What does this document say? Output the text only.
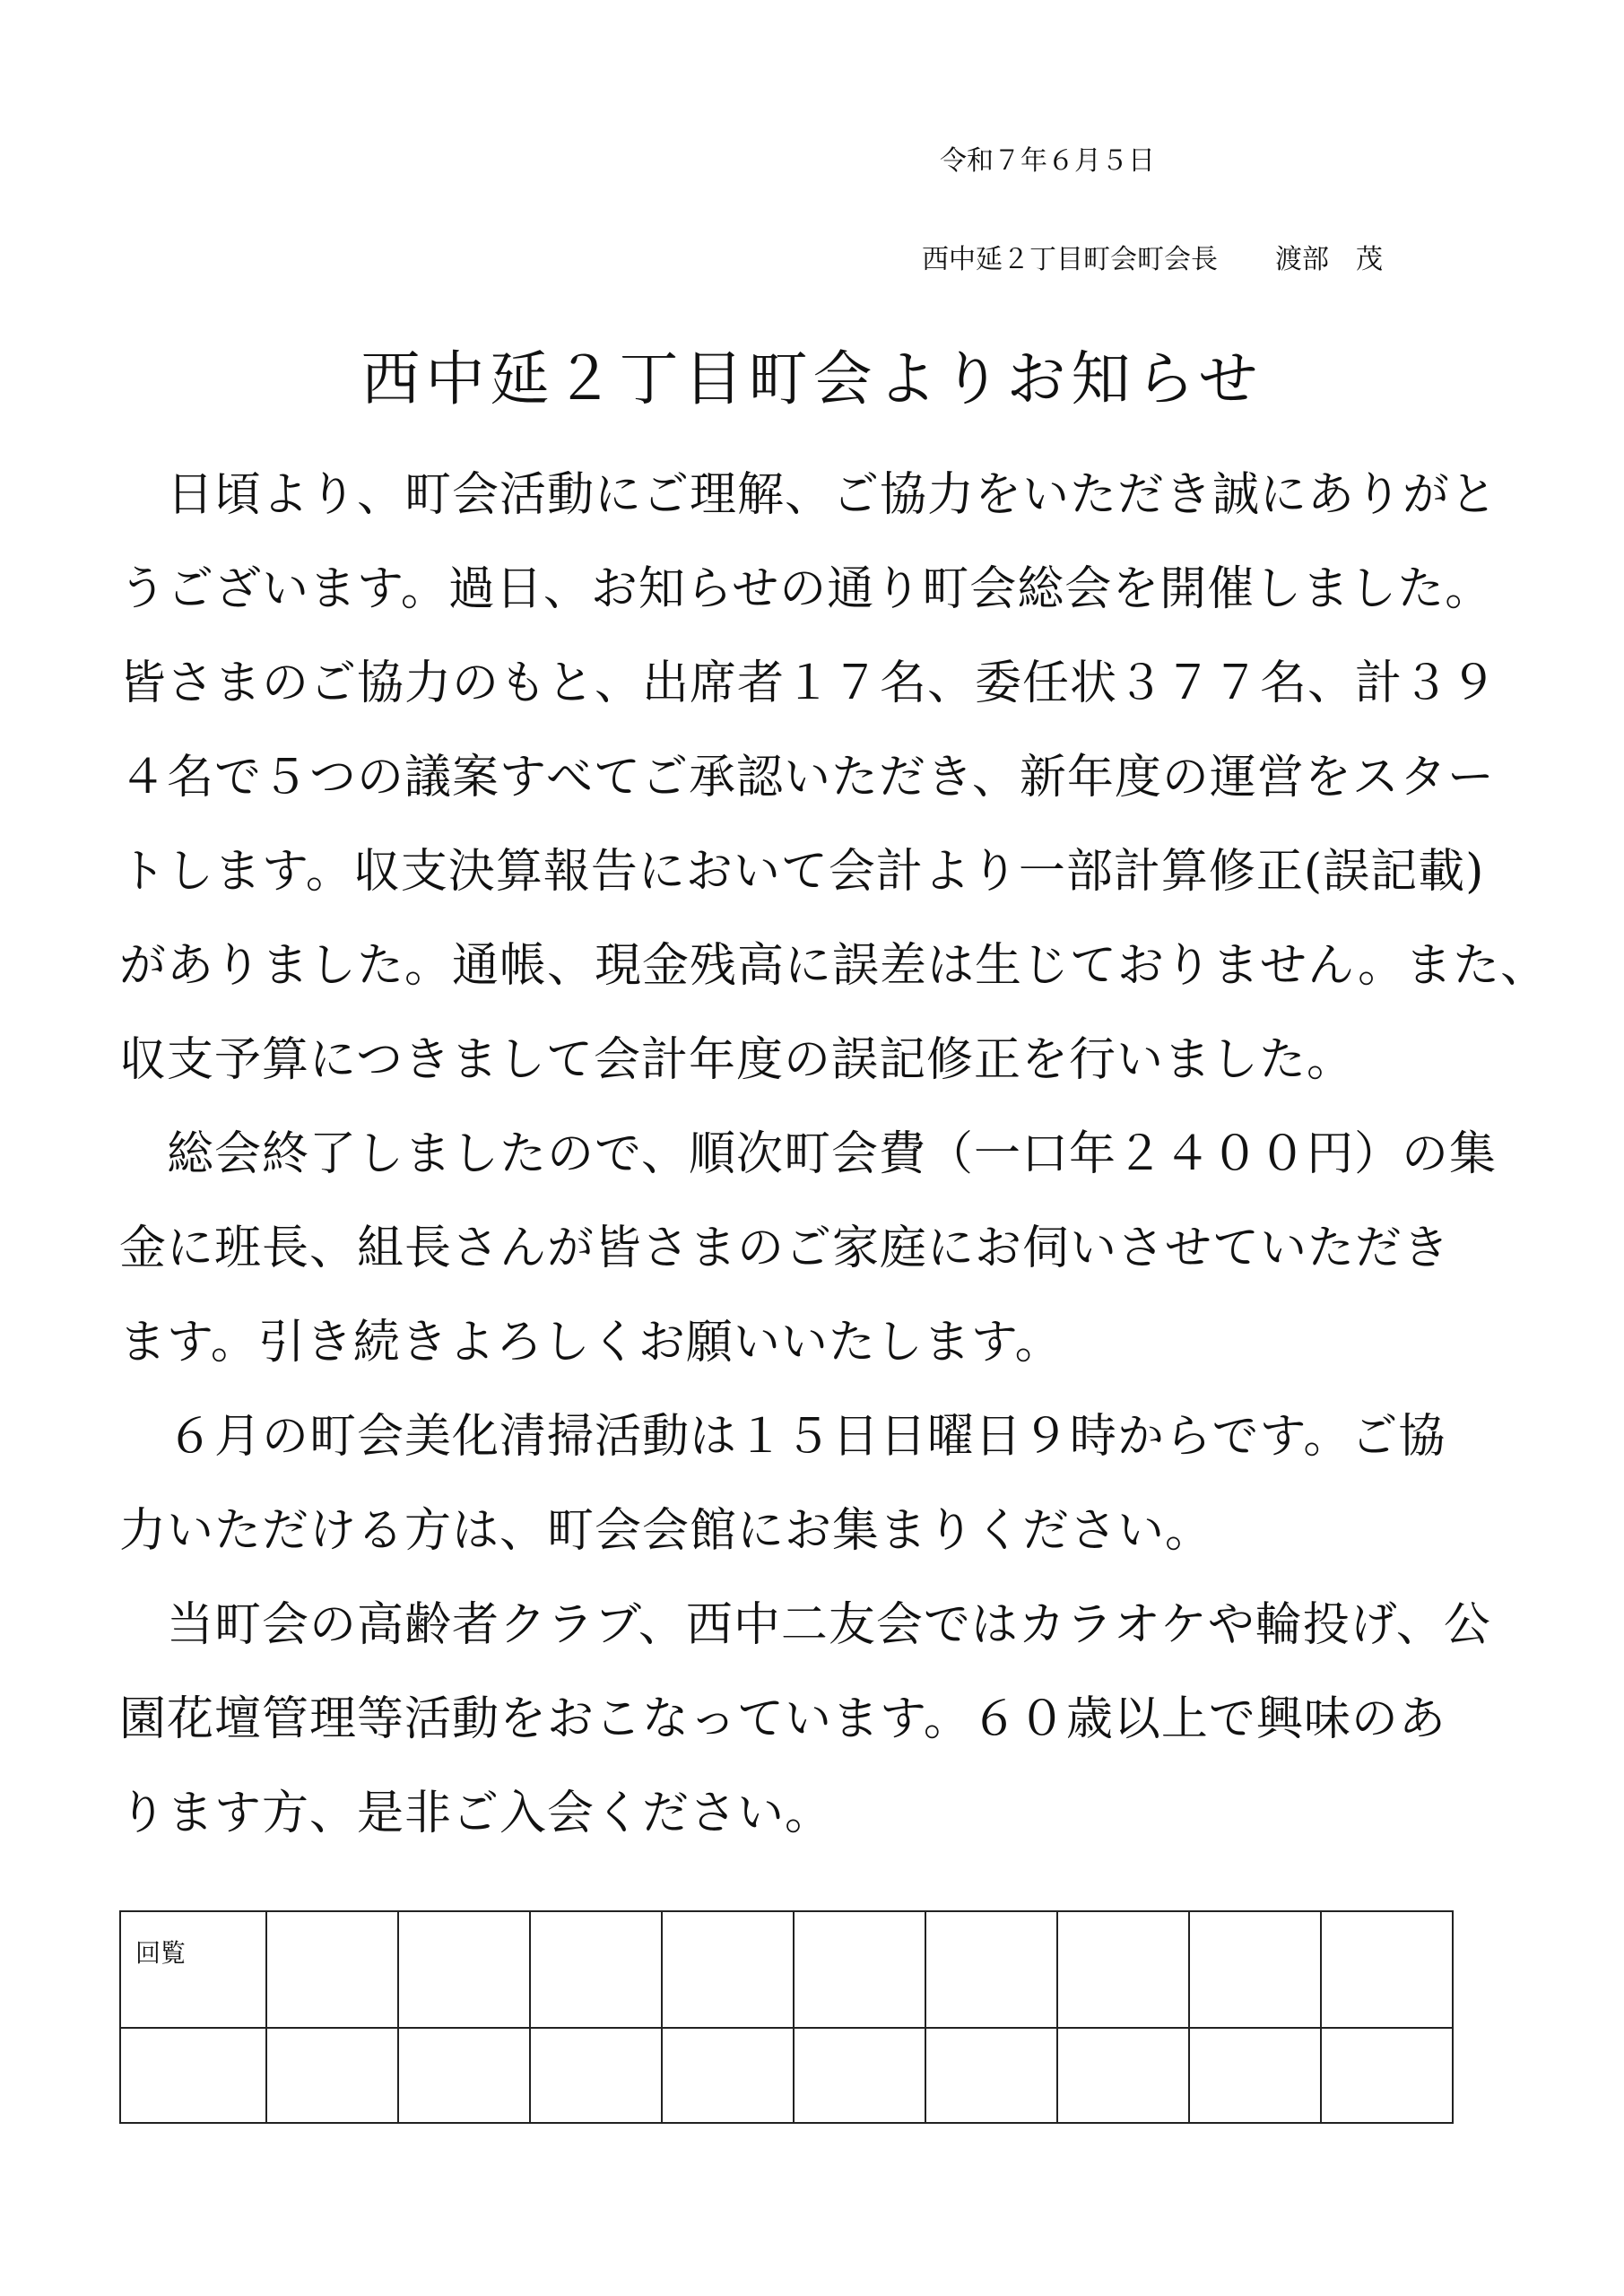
令和７年６月５日
西中延２丁目町会町会長 渡部　茂
西中延２丁目町会よりお知らせ

　日頃より、町会活動にご理解、ご協力をいただき誠にありがと

うございます。過日、お知らせの通り町会総会を開催しました。

皆さまのご協力のもと、出席者１７名、委任状３７７名、計３９

４名で５つの議案すべてご承認いただき、新年度の運営をスター

トします。収支決算報告において会計より一部計算修正(誤記載)

がありました。通帳、現金残高に誤差は生じておりません。また、

収支予算につきまして会計年度の誤記修正を行いました。

　総会終了しましたので、順次町会費（一口年２４００円）の集

金に班長、組長さんが皆さまのご家庭にお伺いさせていただき

ます。引き続きよろしくお願いいたします。

　６月の町会美化清掃活動は１５日日曜日９時からです。ご協

力いただける方は、町会会館にお集まりください。

　当町会の高齢者クラブ、西中二友会ではカラオケや輪投げ、公

園花壇管理等活動をおこなっています。６０歳以上で興味のあ

ります方、是非ご入会ください。

回覧									
